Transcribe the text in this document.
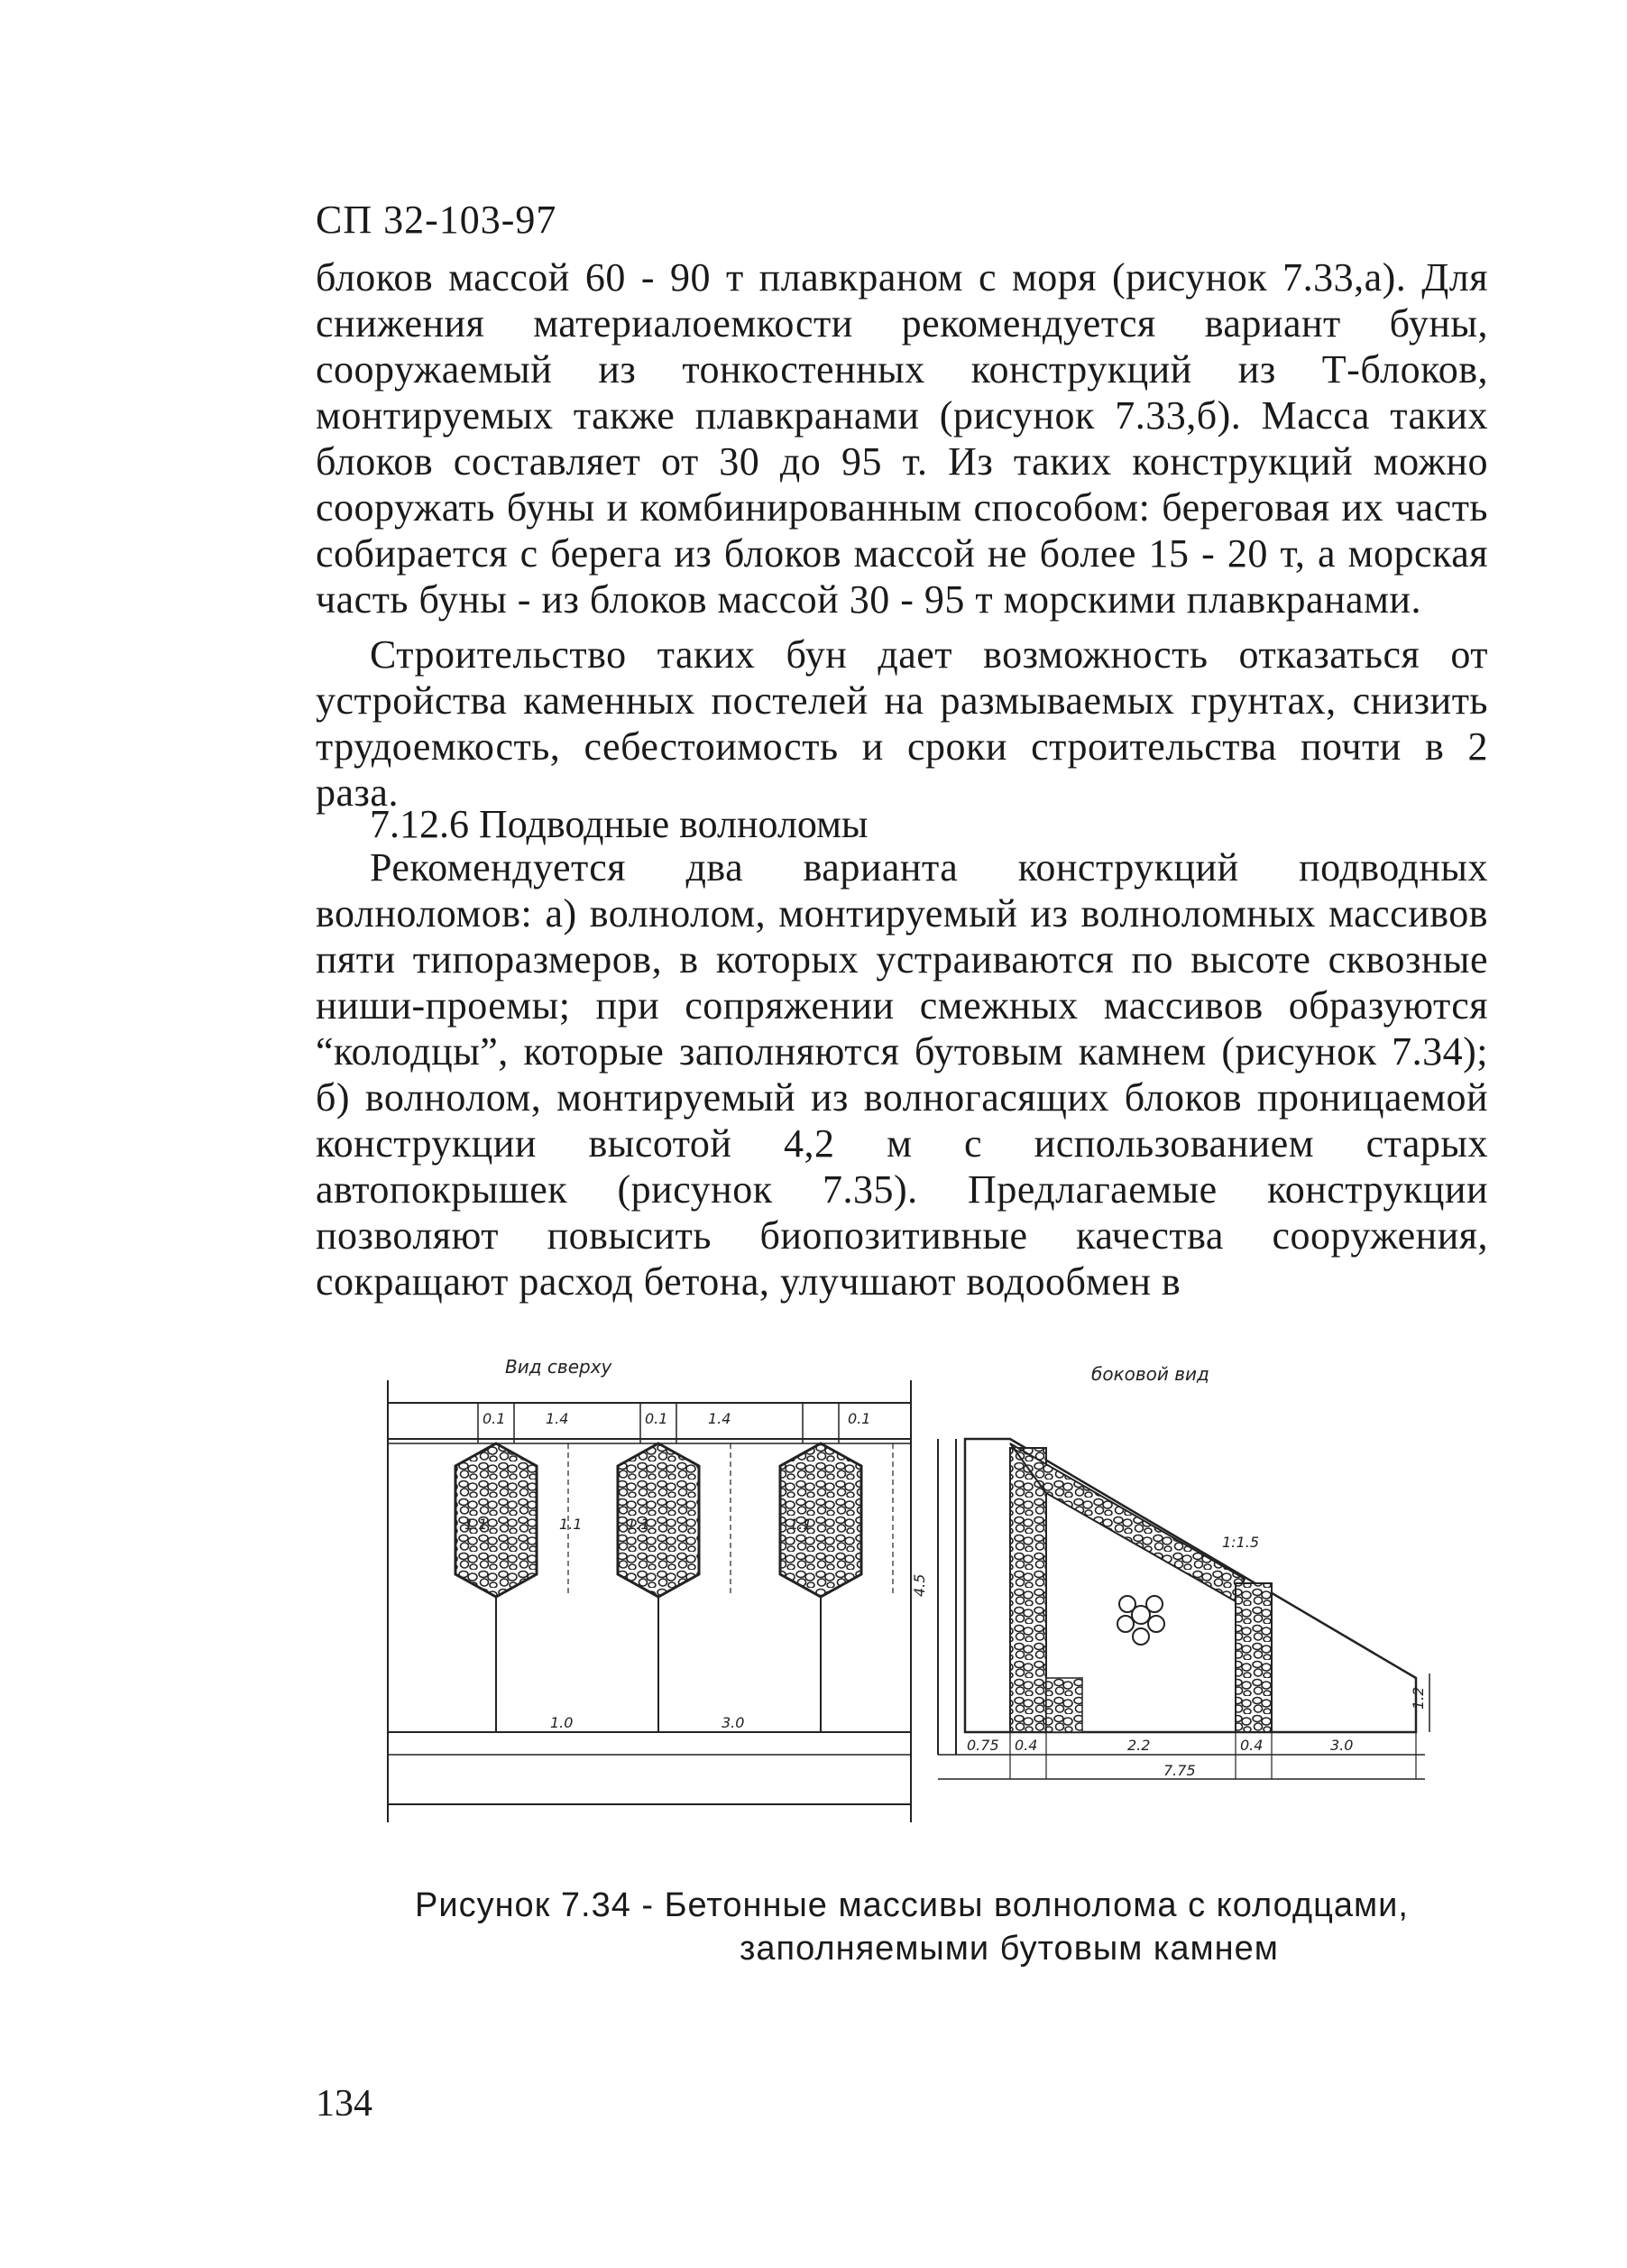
СП 32-103-97
блоков массой 60 - 90 т плавкраном с моря (рисунок 7.33,а). Для снижения материалоемкости рекомендуется вариант буны, сооружаемый из тонкостенных конструкций из Т-блоков, монтируемых также плавкранами (рисунок 7.33,б). Масса таких блоков составляет от 30 до 95 т. Из таких конструкций можно сооружать буны и комбинированным способом: береговая их часть собирается с берега из блоков массой не более 15 - 20 т, а морская часть буны - из блоков массой 30 - 95 т морскими плавкранами.
Строительство таких бун дает возможность отказаться от устройства каменных постелей на размываемых грунтах, снизить трудоемкость, себестоимость и сроки строительства почти в 2 раза.
7.12.6 Подводные волноломы
Рекомендуется два варианта конструкций подводных волноломов: а) волнолом, монтируемый из волноломных массивов пяти типоразмеров, в которых устраиваются по высоте сквозные ниши-проемы; при сопряжении смежных массивов образуются “колодцы”, которые заполняются бутовым камнем (рисунок 7.34); б) волнолом, монтируемый из волногасящих блоков проницаемой конструкции высотой 4,2 м с использованием старых автопокрышек (рисунок 7.35). Предлагаемые конструкции позволяют повысить биопозитивные качества сооружения, сокращают расход бетона, улучшают водообмен в
Вид сверху
0.1	1.4	0.1	1.4	0.1
1.1	1.1	1.1	1.1
1.0	3.0
боковой вид
4.5
1:1.5
1.2
0.75 0.4	2.2	0.4	3.0
7.75
Рисунок 7.34 - Бетонные массивы волнолома с колодцами,
заполняемыми бутовым камнем
134
